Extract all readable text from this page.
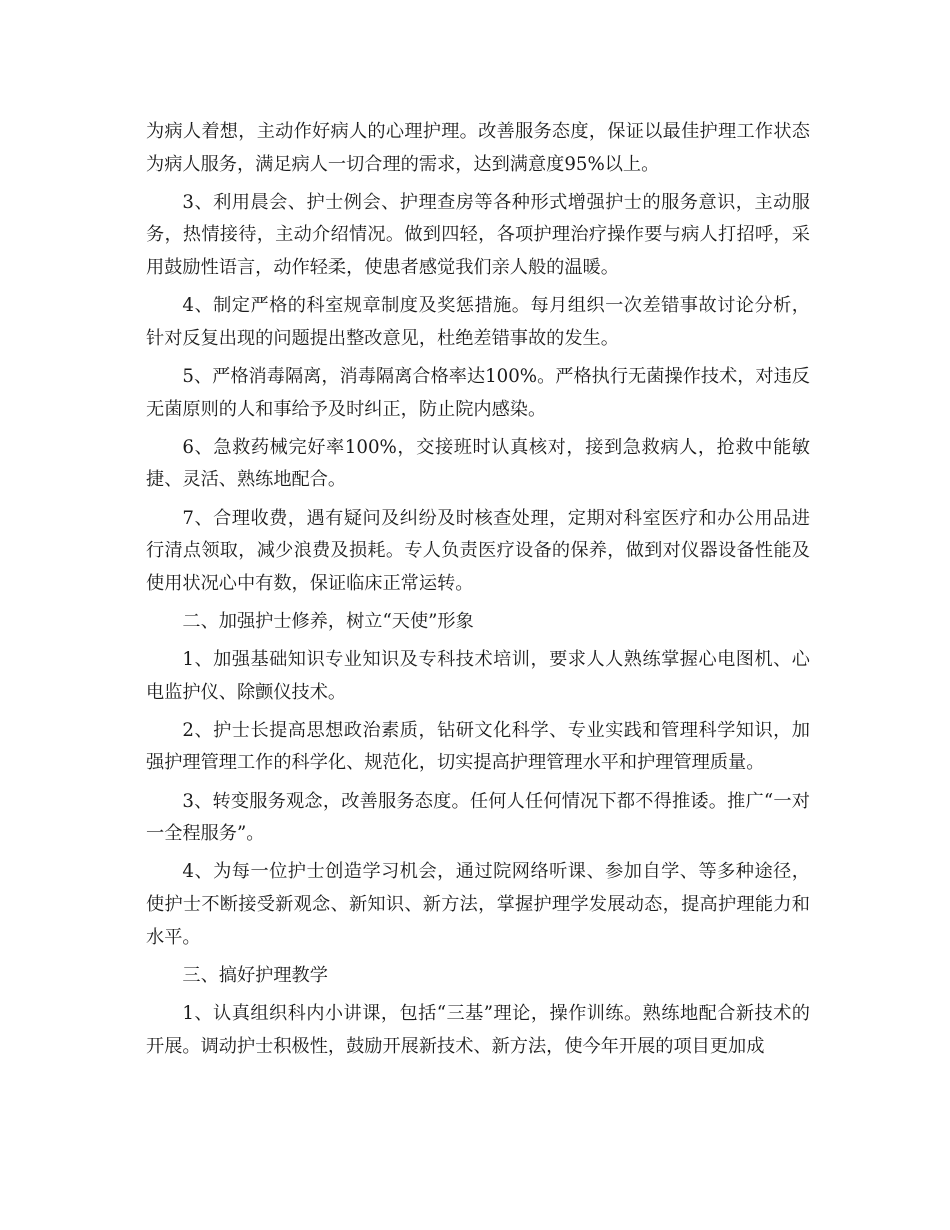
为病人着想，主动作好病人的心理护理。改善服务态度，保证以最佳护理工作状态为病人服务，满足病人一切合理的需求，达到满意度95%以上。

3、利用晨会、护士例会、护理查房等各种形式增强护士的服务意识，主动服务，热情接待，主动介绍情况。做到四轻，各项护理治疗操作要与病人打招呼，采用鼓励性语言，动作轻柔，使患者感觉我们亲人般的温暖。

4、制定严格的科室规章制度及奖惩措施。每月组织一次差错事故讨论分析，针对反复出现的问题提出整改意见，杜绝差错事故的发生。

5、严格消毒隔离，消毒隔离合格率达100%。严格执行无菌操作技术，对违反无菌原则的人和事给予及时纠正，防止院内感染。

6、急救药械完好率100%，交接班时认真核对，接到急救病人，抢救中能敏捷、灵活、熟练地配合。

7、合理收费，遇有疑问及纠纷及时核查处理，定期对科室医疗和办公用品进行清点领取，减少浪费及损耗。专人负责医疗设备的保养，做到对仪器设备性能及使用状况心中有数，保证临床正常运转。

二、加强护士修养，树立“天使”形象

1、加强基础知识专业知识及专科技术培训，要求人人熟练掌握心电图机、心电监护仪、除颤仪技术。

2、护士长提高思想政治素质，钻研文化科学、专业实践和管理科学知识，加强护理管理工作的科学化、规范化，切实提高护理管理水平和护理管理质量。

3、转变服务观念，改善服务态度。任何人任何情况下都不得推诿。推广“一对一全程服务”。

4、为每一位护士创造学习机会，通过院网络听课、参加自学、等多种途径，使护士不断接受新观念、新知识、新方法，掌握护理学发展动态，提高护理能力和水平。

三、搞好护理教学

1、认真组织科内小讲课，包括“三基”理论，操作训练。熟练地配合新技术的开展。调动护士积极性，鼓励开展新技术、新方法，使今年开展的项目更加成
